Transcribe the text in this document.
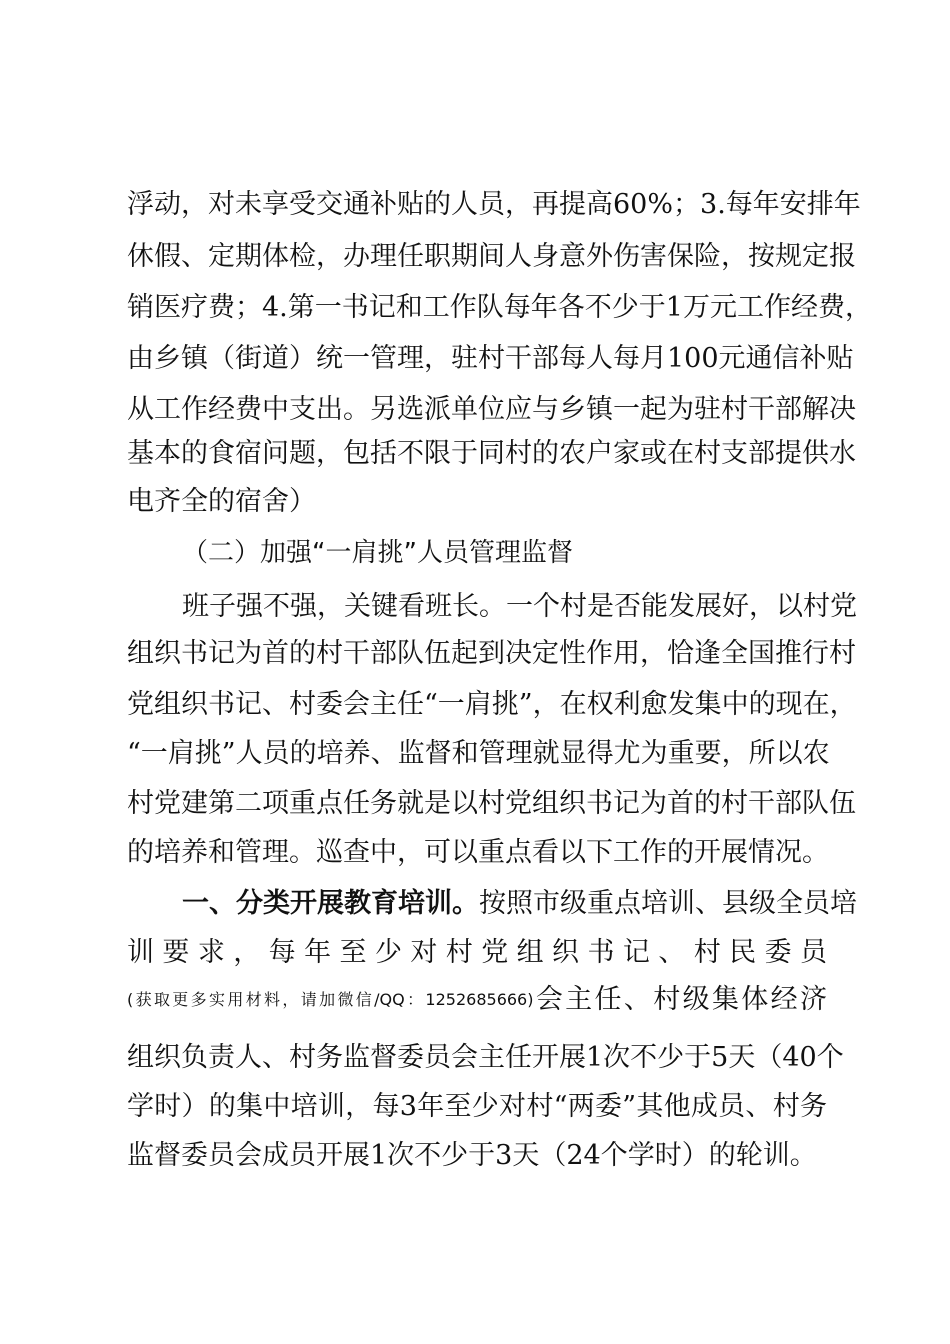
浮动，对未享受交通补贴的人员，再提高60%；3.每年安排年
休假、定期体检，办理任职期间人身意外伤害保险，按规定报
销医疗费；4.第一书记和工作队每年各不少于1万元工作经费，
由乡镇（街道）统一管理，驻村干部每人每月100元通信补贴
从工作经费中支出。另选派单位应与乡镇一起为驻村干部解决
基本的食宿问题，包括不限于同村的农户家或在村支部提供水
电齐全的宿舍）
（二）加强“一肩挑”人员管理监督
班子强不强，关键看班长。一个村是否能发展好，以村党
组织书记为首的村干部队伍起到决定性作用，恰逢全国推行村
党组织书记、村委会主任“一肩挑”，在权利愈发集中的现在，
“一肩挑”人员的培养、监督和管理就显得尤为重要，所以农
村党建第二项重点任务就是以村党组织书记为首的村干部队伍
的培养和管理。巡查中，可以重点看以下工作的开展情况。
一、分类开展教育培训。按照市级重点培训、县级全员培
训要求，每年至少对村党组织书记、村民委员
(获取更多实用材料，请加微信/QQ：1252685666)会主任、村级集体经济
组织负责人、村务监督委员会主任开展1次不少于5天（40个
学时）的集中培训，每3年至少对村“两委”其他成员、村务
监督委员会成员开展1次不少于3天（24个学时）的轮训。
